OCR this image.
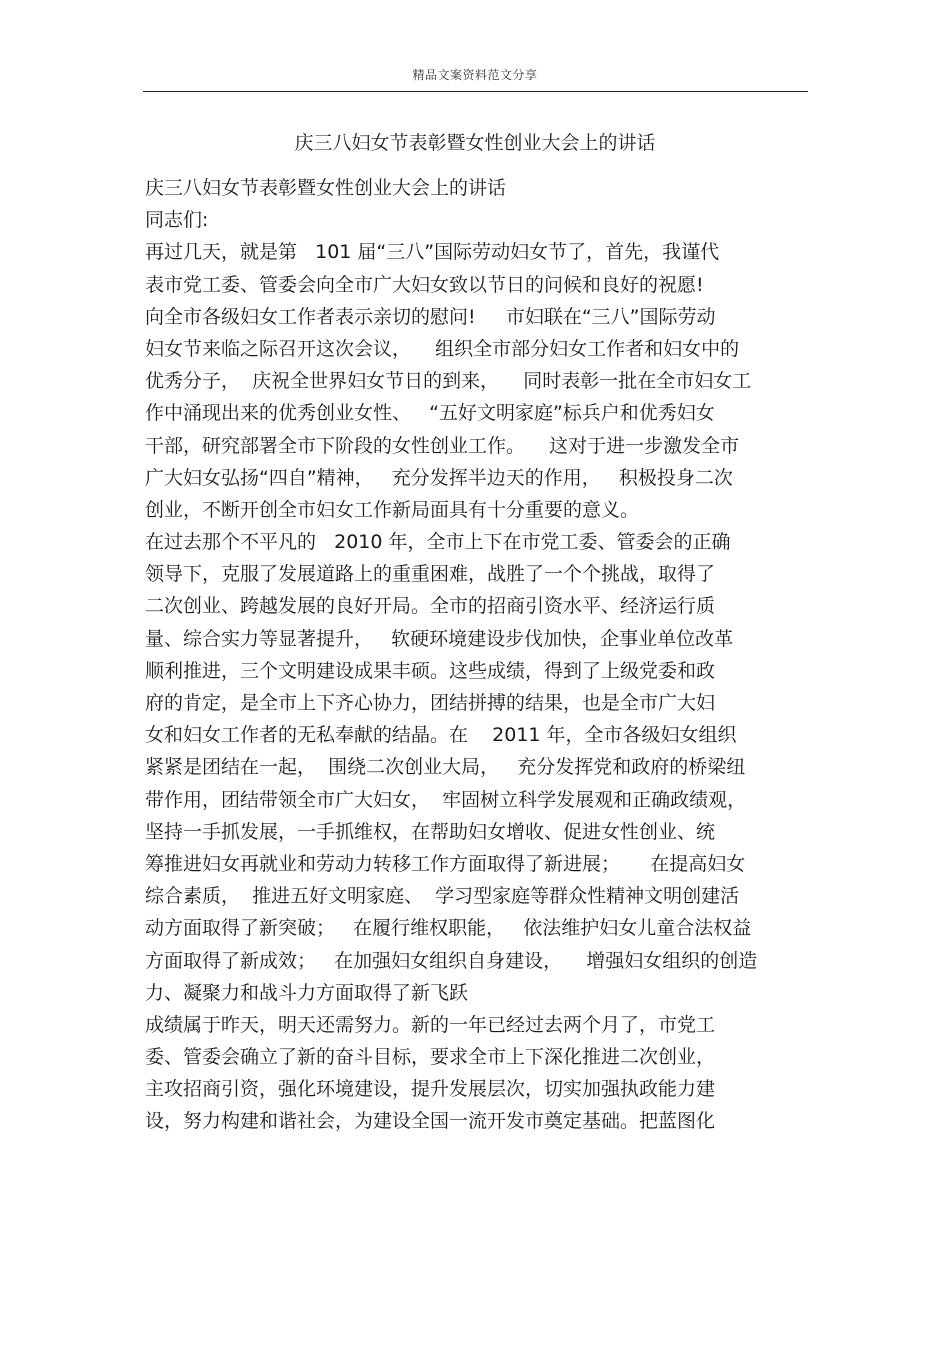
精品文案资料范文分享
庆三八妇女节表彰暨女性创业大会上的讲话
庆三八妇女节表彰暨女性创业大会上的讲话
同志们:
再过几天，就是第   101 届“三八”国际劳动妇女节了，首先，我谨代
表市党工委、管委会向全市广大妇女致以节日的问候和良好的祝愿!
向全市各级妇女工作者表示亲切的慰问!     市妇联在“三八”国际劳动
妇女节来临之际召开这次会议，    组织全市部分妇女工作者和妇女中的
优秀分子，  庆祝全世界妇女节日的到来，    同时表彰一批在全市妇女工
作中涌现出来的优秀创业女性、   “五好文明家庭”标兵户和优秀妇女
干部，研究部署全市下阶段的女性创业工作。    这对于进一步激发全市
广大妇女弘扬“四自”精神，   充分发挥半边天的作用，   积极投身二次
创业，不断开创全市妇女工作新局面具有十分重要的意义。
在过去那个不平凡的   2010 年，全市上下在市党工委、管委会的正确
领导下，克服了发展道路上的重重困难，战胜了一个个挑战，取得了
二次创业、跨越发展的良好开局。全市的招商引资水平、经济运行质
量、综合实力等显著提升，   软硬环境建设步伐加快，企事业单位改革
顺利推进，三个文明建设成果丰硕。这些成绩，得到了上级党委和政
府的肯定，是全市上下齐心协力，团结拼搏的结果，也是全市广大妇
女和妇女工作者的无私奉献的结晶。在    2011 年，全市各级妇女组织
紧紧是团结在一起，  围绕二次创业大局，   充分发挥党和政府的桥梁纽
带作用，团结带领全市广大妇女，  牢固树立科学发展观和正确政绩观，
坚持一手抓发展，一手抓维权，在帮助妇女增收、促进女性创业、统
筹推进妇女再就业和劳动力转移工作方面取得了新进展；     在提高妇女
综合素质，  推进五好文明家庭、  学习型家庭等群众性精神文明创建活
动方面取得了新突破；   在履行维权职能，   依法维护妇女儿童合法权益
方面取得了新成效；   在加强妇女组织自身建设，    增强妇女组织的创造
力、凝聚力和战斗力方面取得了新飞跃
成绩属于昨天，明天还需努力。新的一年已经过去两个月了，市党工
委、管委会确立了新的奋斗目标，要求全市上下深化推进二次创业，
主攻招商引资，强化环境建设，提升发展层次，切实加强执政能力建
设，努力构建和谐社会，为建设全国一流开发市奠定基础。把蓝图化
